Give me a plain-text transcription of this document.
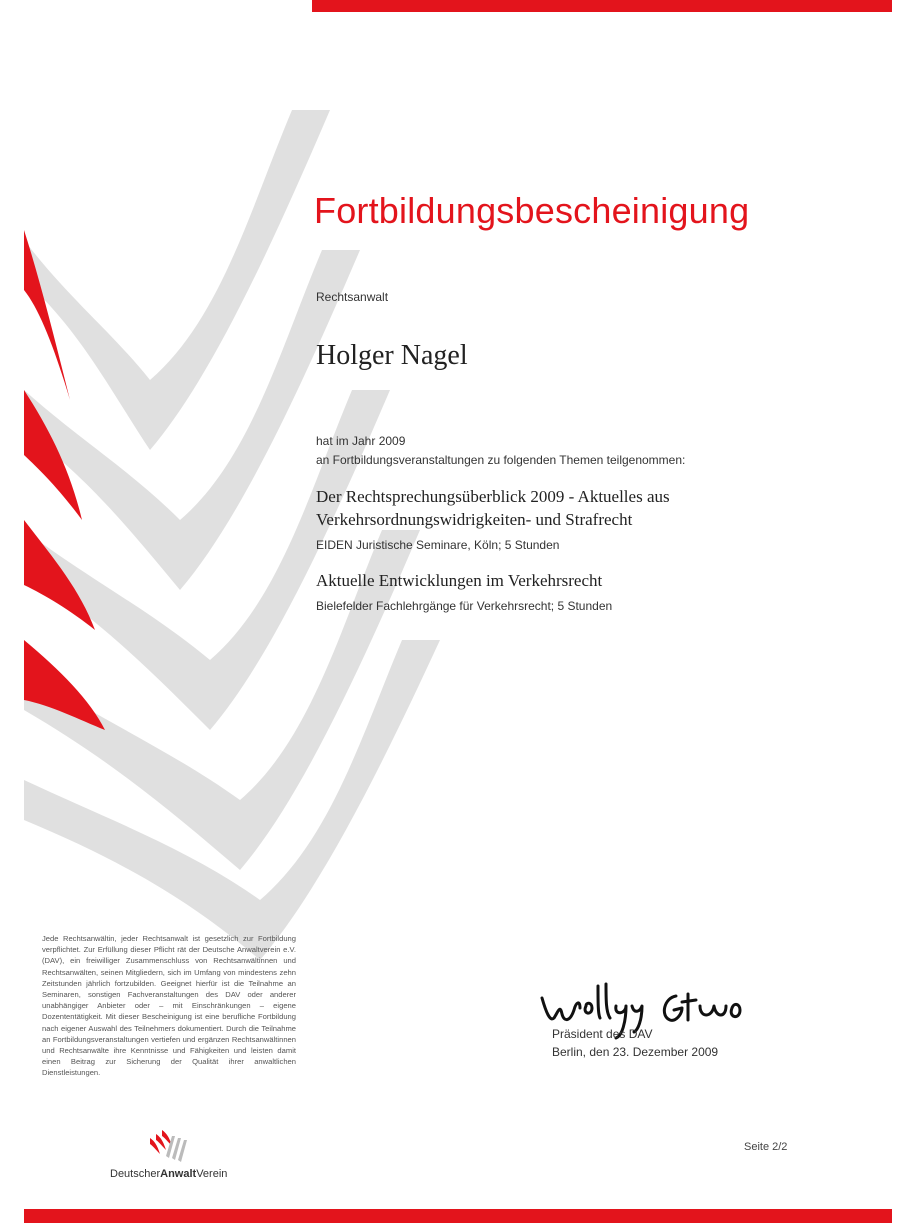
Fortbildungsbescheinigung
Rechtsanwalt
Holger Nagel
hat im Jahr 2009
an Fortbildungsveranstaltungen zu folgenden Themen teilgenommen:
Der Rechtsprechungsüberblick 2009 - Aktuelles aus
Verkehrsordnungswidrigkeiten- und Strafrecht
EIDEN Juristische Seminare, Köln; 5 Stunden
Aktuelle Entwicklungen im Verkehrsrecht
Bielefelder Fachlehrgänge für Verkehrsrecht; 5 Stunden
Jede Rechtsanwältin, jeder Rechtsanwalt ist gesetzlich zur Fortbildung verpflichtet. Zur Erfüllung dieser Pflicht rät der Deutsche Anwaltverein e.V. (DAV), ein freiwilliger Zusammenschluss von Rechtsanwältinnen und Rechtsanwälten, seinen Mitgliedern, sich im Umfang von mindestens zehn Zeitstunden jährlich fortzubilden. Geeignet hierfür ist die Teilnahme an Seminaren, sonstigen Fachveranstaltungen des DAV oder anderer unabhängiger Anbieter oder – mit Einschränkungen – eigene Dozententätigkeit. Mit dieser Bescheinigung ist eine berufliche Fortbildung nach eigener Auswahl des Teilnehmers dokumentiert. Durch die Teilnahme an Fortbildungsveranstaltungen vertiefen und ergänzen Rechtsanwältinnen und Rechtsanwälte ihre Kenntnisse und Fähigkeiten und leisten damit einen Beitrag zur Sicherung der Qualität ihrer anwaltlichen Dienstleistungen.
Präsident des DAV
Berlin, den 23. Dezember 2009
Seite 2/2
DeutscherAnwaltVerein
